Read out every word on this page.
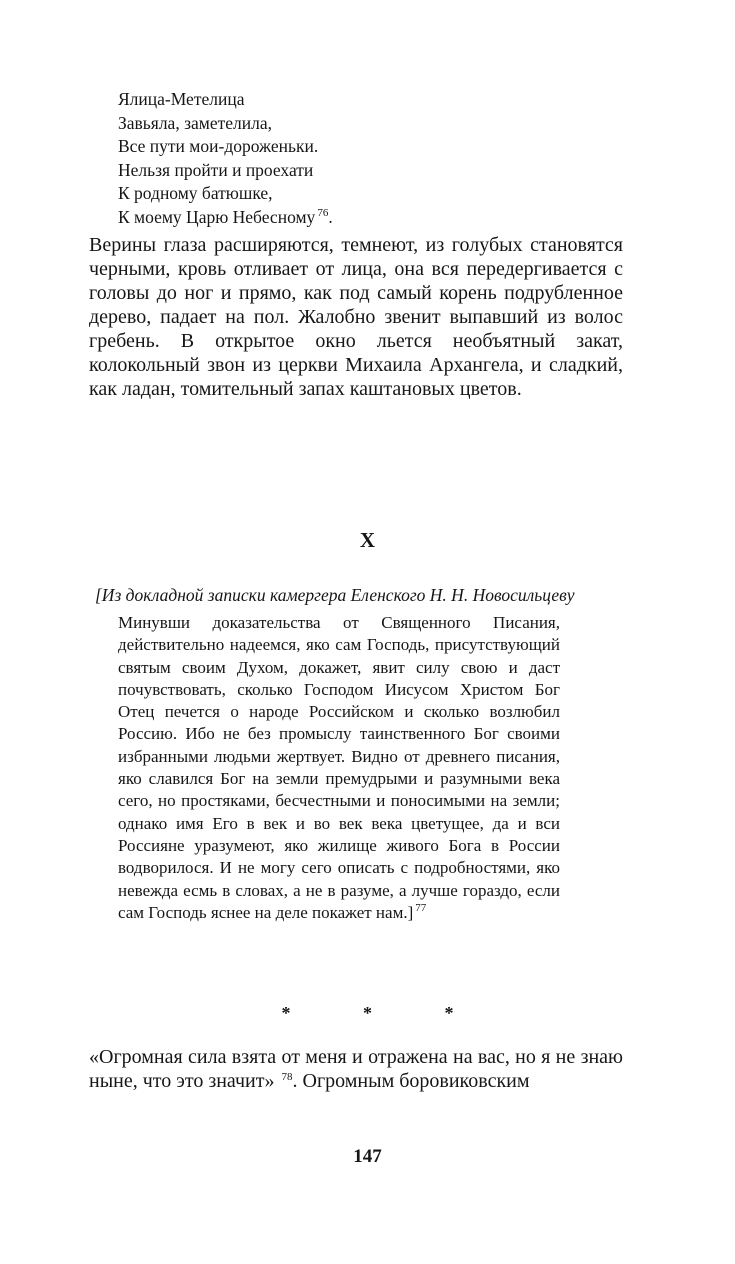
Ялица-Метелица
Завьяла, заметелила,
Все пути мои-дороженьки.
Нельзя пройти и проехати
К родному батюшке,
К моему Царю Небесному $^{76}$.

Верины глаза расширяются, темнеют, из голубых становятся черными, кровь отливает от лица, она вся передергивается с головы до ног и прямо, как под самый корень подрубленное дерево, падает на пол. Жалобно звенит выпавший из волос гребень. В открытое окно льется необъятный закат, колокольный звон из церкви Михаила Архангела, и сладкий, как ладан, томительный запах каштановых цветов.

X
[Из докладной записки камергера Еленского Н. Н. Новосильцеву
Минувши доказательства от Священного Писания, действительно надеемся, яко сам Господь, присутствующий святым своим Духом, докажет, явит силу свою и даст почувствовать, сколько Господом Иисусом Христом Бог Отец печется о народе Российском и сколько возлюбил Россию. Ибо не без промыслу таинственного Бог своими избранными людьми жертвует. Видно от древнего писания, яко славился Бог на земли премудрыми и разумными века сего, но простяками, бесчестными и поносимыми на земли; однако имя Его в век и во век века цветущее, да и вси Россияне уразумеют, яко жилище живого Бога в России водворилося. И не могу сего описать с подробностями, яко невежда есмь в словах, а не в разуме, а лучше гораздо, если сам Господь яснее на деле покажет нам.] $^{77}$
*	*	*

«Огромная сила взята от меня и отражена на вас, но я не знаю ныне, что это значит» $^{78}$. Огромным боровиковским

147
